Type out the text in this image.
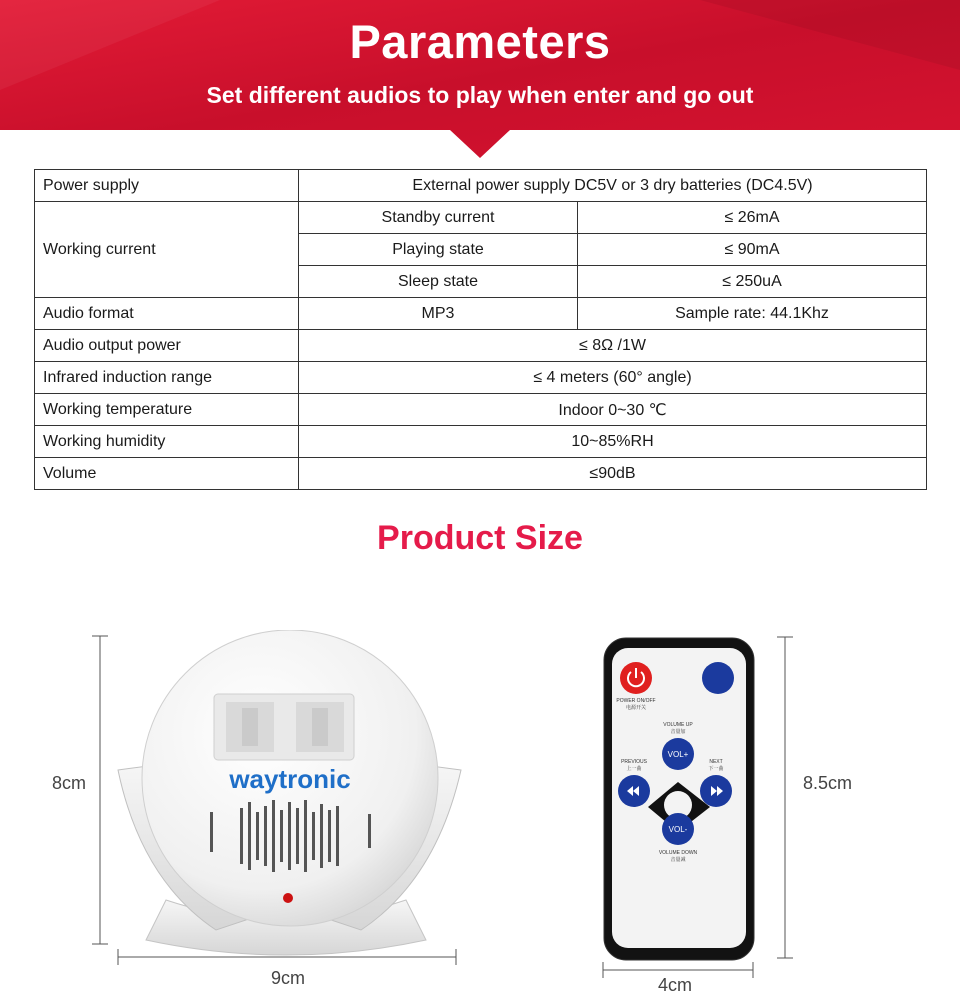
Parameters
Set different audios to play when enter and go out
Power supply	External power supply DC5V or 3 dry batteries (DC4.5V)	
Working current	Standby current	≤ 26mA
	Playing state	≤ 90mA
	Sleep state	≤ 250uA
Audio format	MP3	Sample rate: 44.1Khz
Audio output power	≤ 8Ω /1W	
Infrared induction range	≤ 4 meters (60° angle)	
Working temperature	Indoor 0~30 ℃	
Working humidity	10~85%RH	
Volume	≤90dB	
Product Size
8cm
9cm
8.5cm
4cm
waytronic
POWER ON/OFF
电源开关
VOLUME UP
音量加
VOL+
VOL-
PREVIOUS
上一曲
NEXT
下一曲
VOLUME DOWN
音量减
